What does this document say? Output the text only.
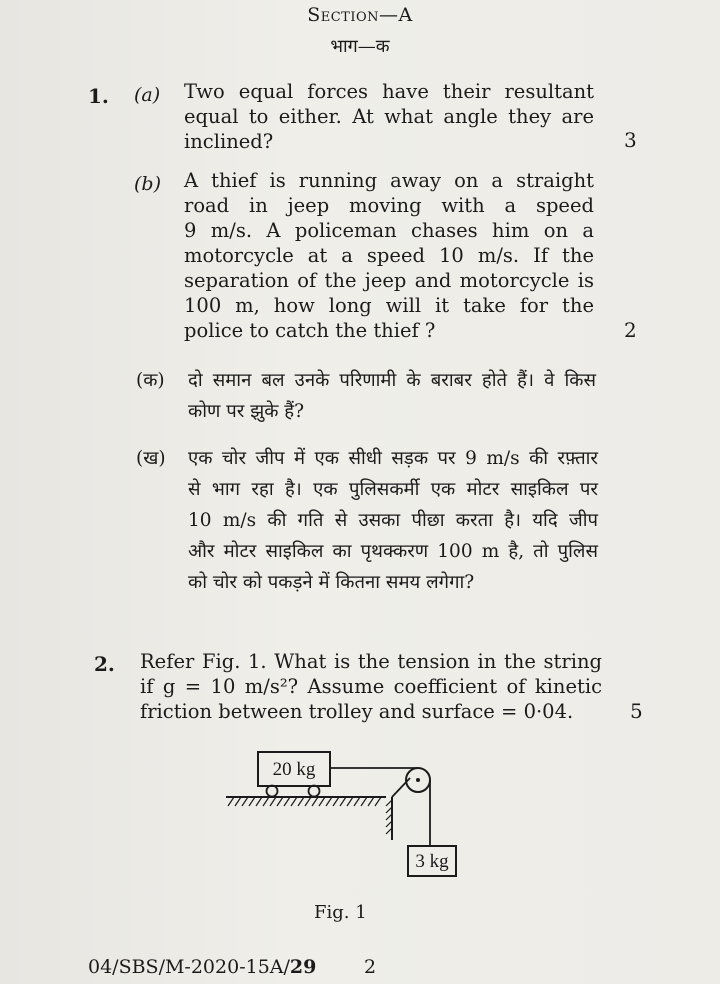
Section—A
भाग—क
1. (a) Two equal forces have their resultant
equal to either. At what angle they are
inclined?	3
(b) A thief is running away on a straight
road in jeep moving with a speed
9 m/s. A policeman chases him on a
motorcycle at a speed 10 m/s. If the
separation of the jeep and motorcycle is
100 m, how long will it take for the
police to catch the thief ?	2
(क) दो समान बल उनके परिणामी के बराबर होते हैं। वे किस
कोण पर झुके हैं?
(ख) एक चोर जीप में एक सीधी सड़क पर 9 m/s की रफ़्तार
से भाग रहा है। एक पुलिसकर्मी एक मोटर साइकिल पर
10 m/s की गति से उसका पीछा करता है। यदि जीप
और मोटर साइकिल का पृथक्करण 100 m है, तो पुलिस
को चोर को पकड़ने में कितना समय लगेगा?
2. Refer Fig. 1. What is the tension in the string
if g = 10 m/s²? Assume coefficient of kinetic
friction between trolley and surface = 0·04.	5
20 kg
3 kg
Fig. 1
04/SBS/M-2020-15A/29	2
